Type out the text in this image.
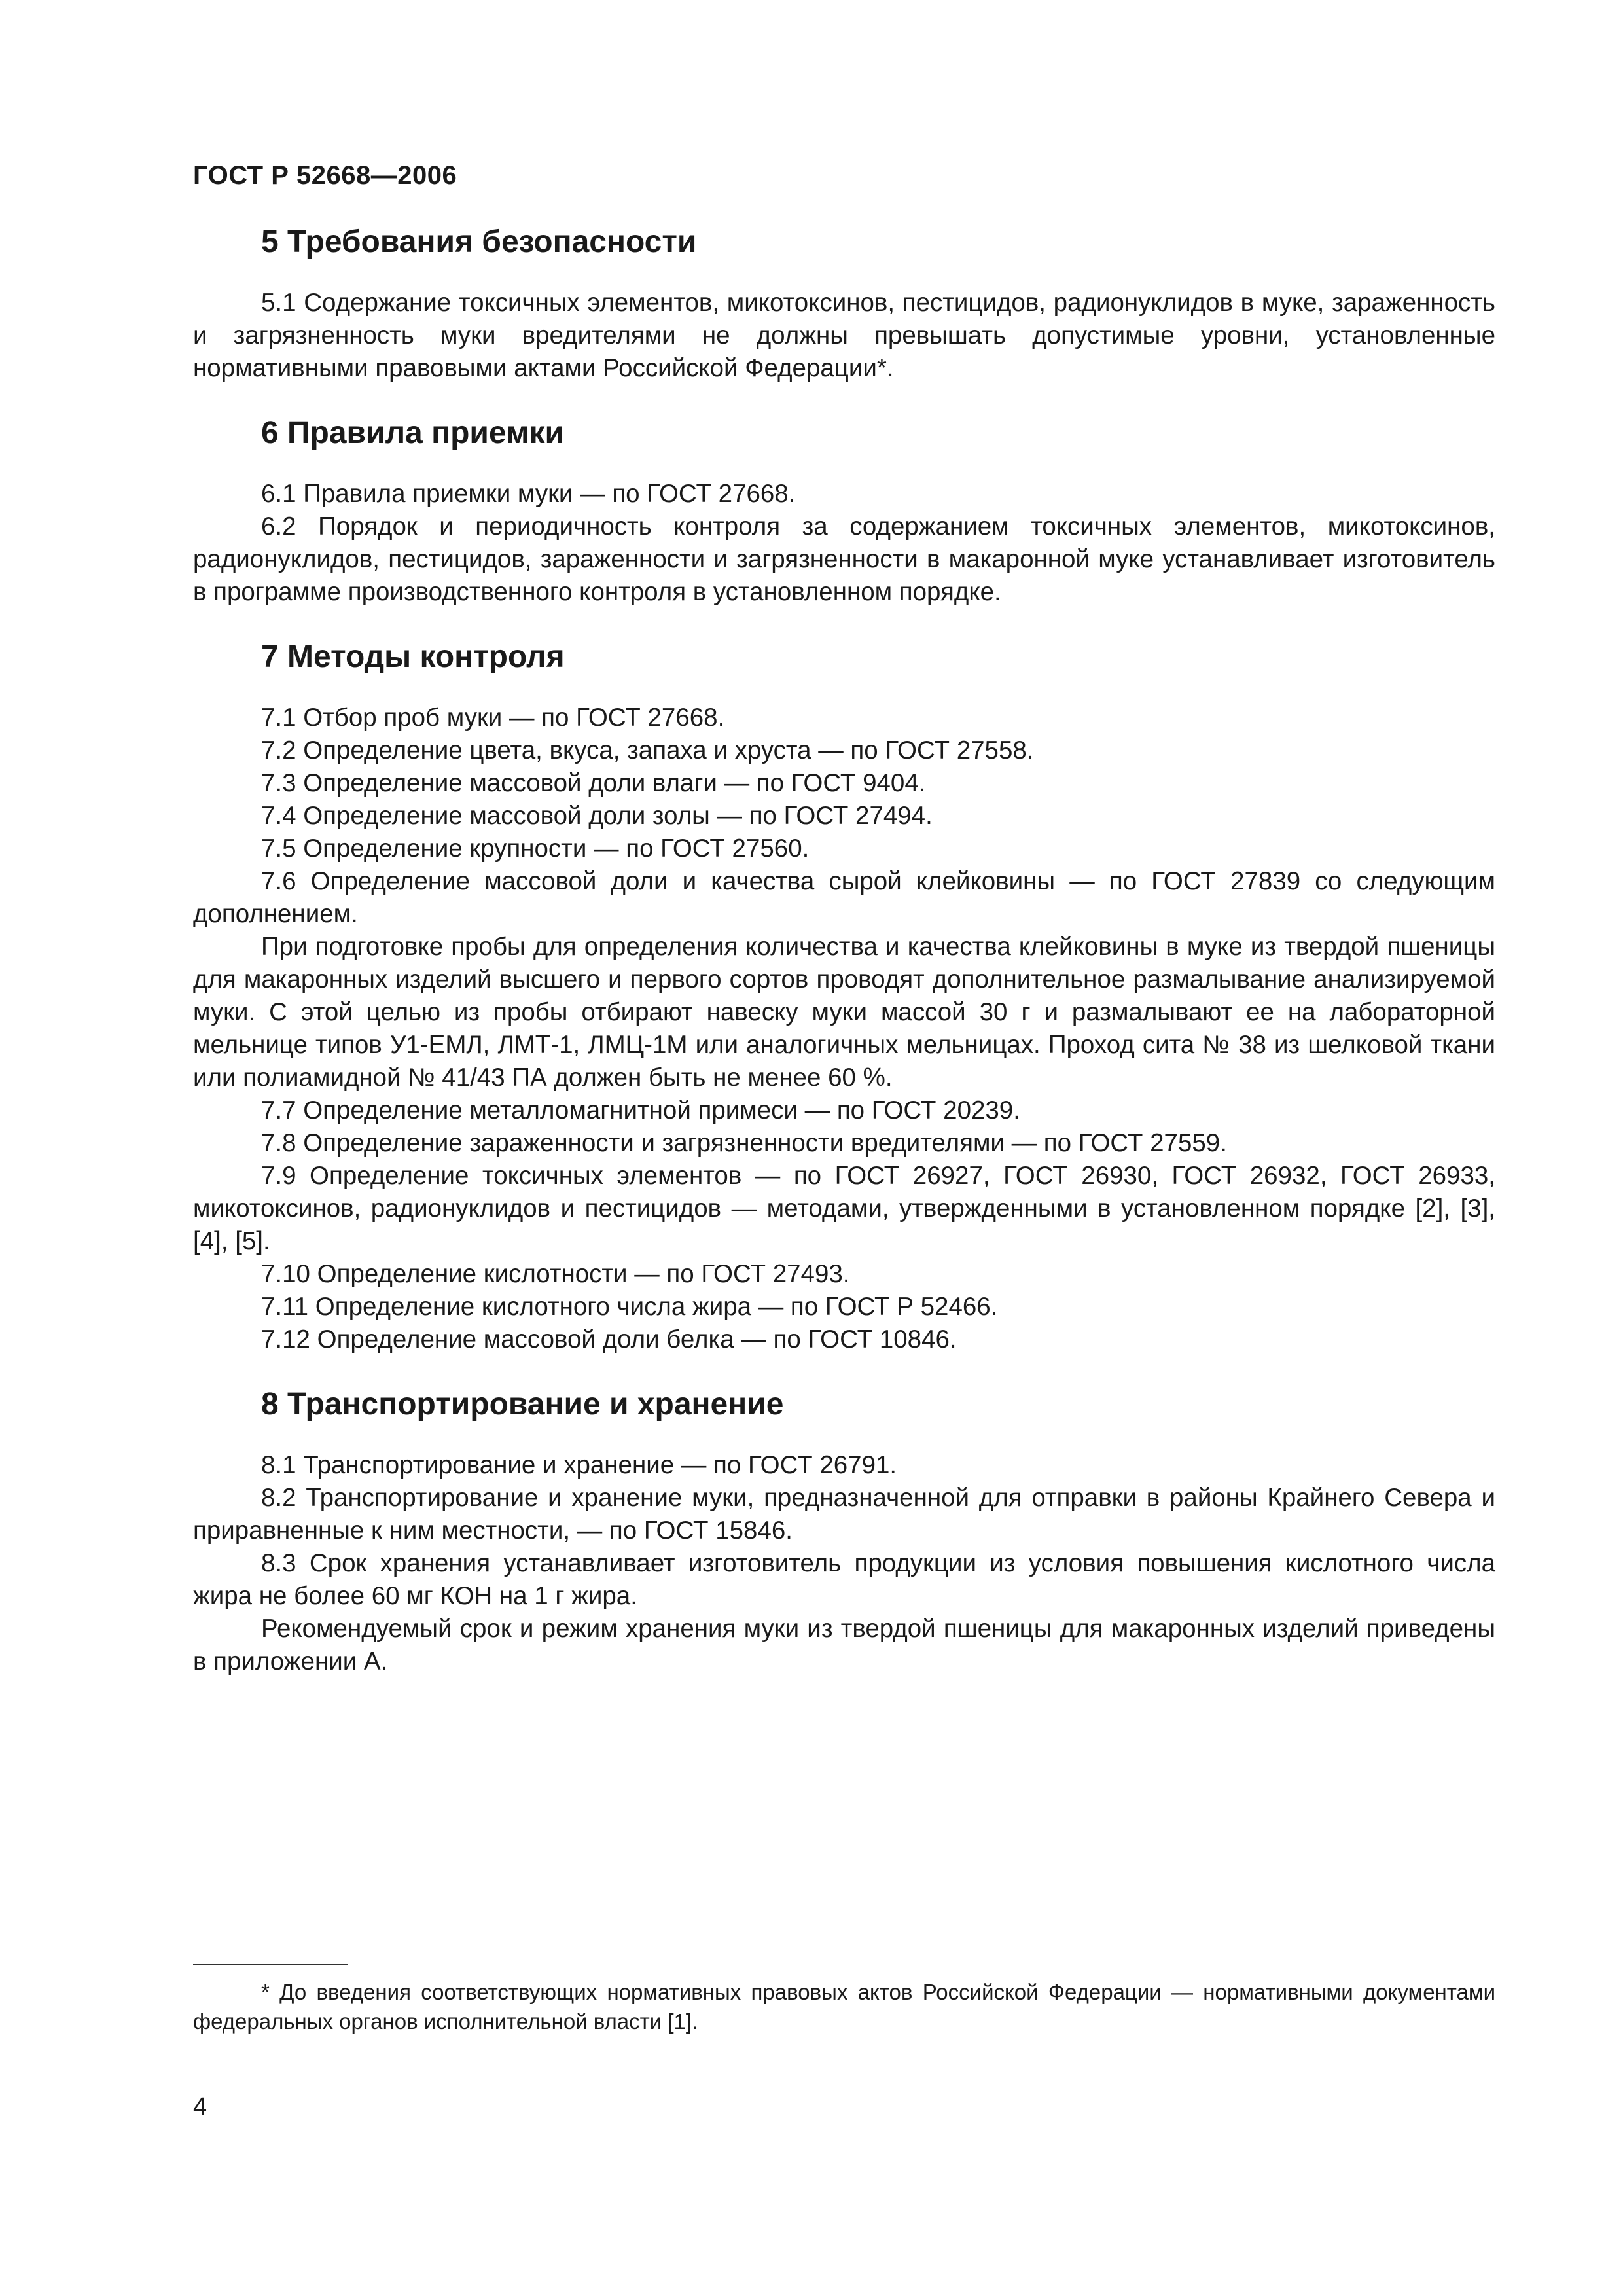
ГОСТ Р 52668—2006
5 Требования безопасности

5.1 Содержание токсичных элементов, микотоксинов, пестицидов, радионуклидов в муке, зараженность и загрязненность муки вредителями не должны превышать допустимые уровни, установленные нормативными правовыми актами Российской Федерации*.

6 Правила приемки

6.1 Правила приемки муки — по ГОСТ 27668.

6.2 Порядок и периодичность контроля за содержанием токсичных элементов, микотоксинов, радионуклидов, пестицидов, зараженности и загрязненности в макаронной муке устанавливает изготовитель в программе производственного контроля в установленном порядке.

7 Методы контроля

7.1 Отбор проб муки — по ГОСТ 27668.

7.2 Определение цвета, вкуса, запаха и хруста — по ГОСТ 27558.

7.3 Определение массовой доли влаги — по ГОСТ 9404.

7.4 Определение массовой доли золы — по ГОСТ 27494.

7.5 Определение крупности — по ГОСТ 27560.

7.6 Определение массовой доли и качества сырой клейковины — по ГОСТ 27839 со следующим дополнением.

При подготовке пробы для определения количества и качества клейковины в муке из твердой пшеницы для макаронных изделий высшего и первого сортов проводят дополнительное размалывание анализируемой муки. С этой целью из пробы отбирают навеску муки массой 30 г и размалывают ее на лабораторной мельнице типов У1-ЕМЛ, ЛМТ-1, ЛМЦ-1М или аналогичных мельницах. Проход сита № 38 из шелковой ткани или полиамидной № 41/43 ПА должен быть не менее 60 %.

7.7 Определение металломагнитной примеси — по ГОСТ 20239.

7.8 Определение зараженности и загрязненности вредителями — по ГОСТ 27559.

7.9 Определение токсичных элементов — по ГОСТ 26927, ГОСТ 26930, ГОСТ 26932, ГОСТ 26933, микотоксинов, радионуклидов и пестицидов — методами, утвержденными в установленном порядке [2], [3], [4], [5].

7.10 Определение кислотности — по ГОСТ 27493.

7.11 Определение кислотного числа жира — по ГОСТ Р 52466.

7.12 Определение массовой доли белка — по ГОСТ 10846.

8 Транспортирование и хранение

8.1 Транспортирование и хранение — по ГОСТ 26791.

8.2 Транспортирование и хранение муки, предназначенной для отправки в районы Крайнего Севера и приравненные к ним местности, — по ГОСТ 15846.

8.3 Срок хранения устанавливает изготовитель продукции из условия повышения кислотного числа жира не более 60 мг КОН на 1 г жира.

Рекомендуемый срок и режим хранения муки из твердой пшеницы для макаронных изделий приведены в приложении А.

* До введения соответствующих нормативных правовых актов Российской Федерации — нормативными документами федеральных органов исполнительной власти [1].
4
